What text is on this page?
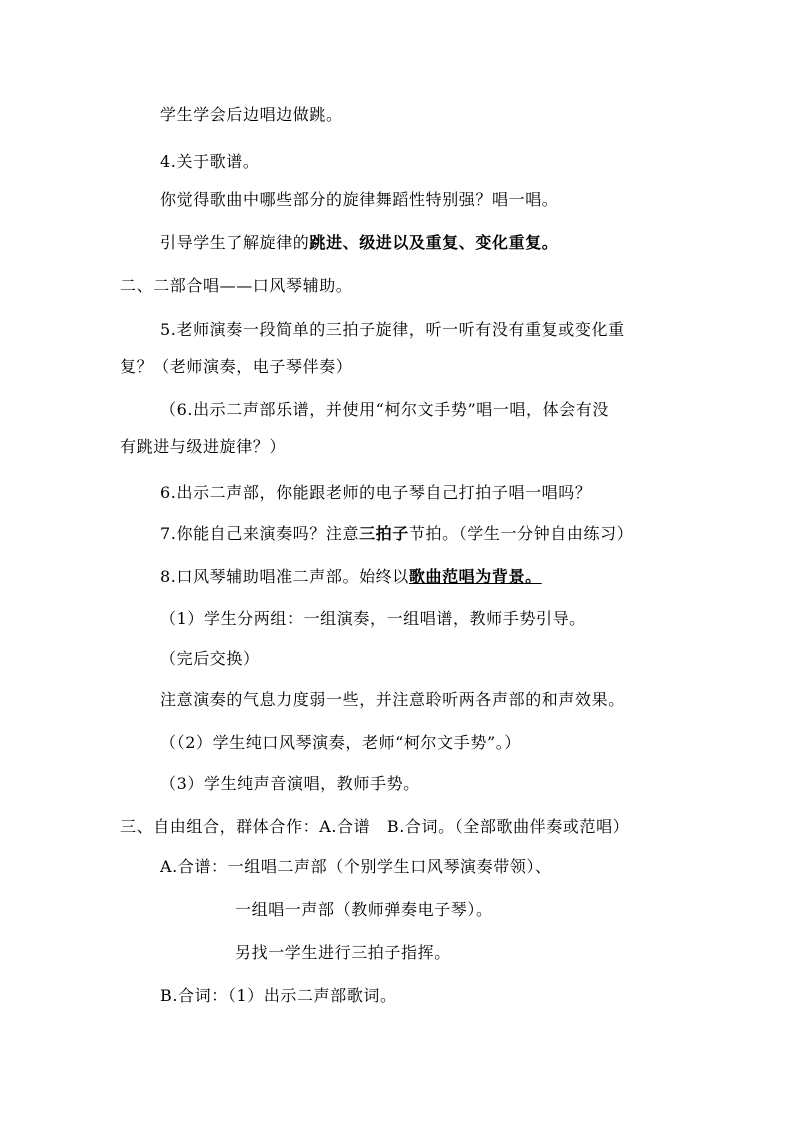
学生学会后边唱边做跳。
4.关于歌谱。
你觉得歌曲中哪些部分的旋律舞蹈性特别强？唱一唱。
引导学生了解旋律的跳进、级进以及重复、变化重复。
二、二部合唱——口风琴辅助。
5.老师演奏一段简单的三拍子旋律，听一听有没有重复或变化重
复？（老师演奏，电子琴伴奏）
（6.出示二声部乐谱，并使用“柯尔文手势”唱一唱，体会有没
有跳进与级进旋律？）
6.出示二声部，你能跟老师的电子琴自己打拍子唱一唱吗？
7.你能自己来演奏吗？注意三拍子节拍。（学生一分钟自由练习）
8.口风琴辅助唱准二声部。始终以歌曲范唱为背景。
（1）学生分两组：一组演奏，一组唱谱，教师手势引导。
（完后交换）
注意演奏的气息力度弱一些，并注意聆听两各声部的和声效果。
（（2）学生纯口风琴演奏，老师“柯尔文手势”。）
（3）学生纯声音演唱，教师手势。
三、自由组合，群体合作：A.合谱　B.合词。（全部歌曲伴奏或范唱）
A.合谱：一组唱二声部（个别学生口风琴演奏带领）、
一组唱一声部（教师弹奏电子琴）。
另找一学生进行三拍子指挥。
B.合词：（1）出示二声部歌词。
